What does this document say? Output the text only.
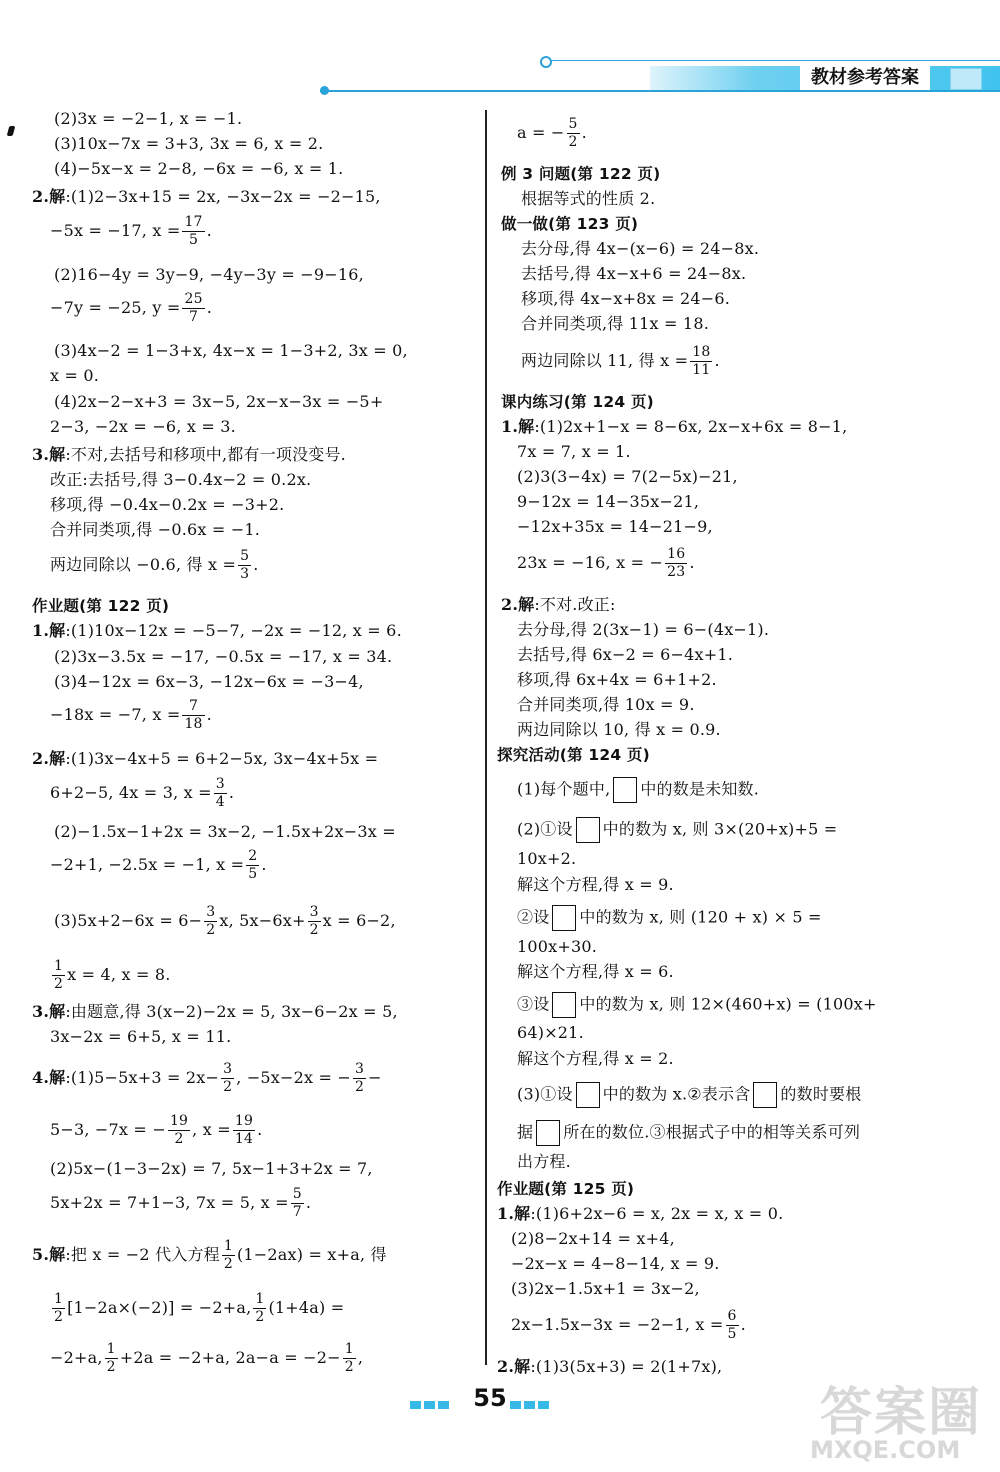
教材参考答案
(2)3x = −2−1, x = −1.
(3)10x−7x = 3+3, 3x = 6, x = 2.
(4)−5x−x = 2−8, −6x = −6, x = 1.
2.解:(1)2−3x+15 = 2x, −3x−2x = −2−15,
−5x = −17, $x = \frac{17}{5}$ .
(2)16−4y = 3y−9, −4y−3y = −9−16,
−7y = −25, $y = \frac{25}{7}$ .
(3)4x−2 = 1−3+x, 4x−x = 1−3+2, 3x = 0,
x = 0.
(4)2x−2−x+3 = 3x−5, 2x−x−3x = −5+
2−3, −2x = −6, x = 3.
3.解:不对,去括号和移项中,都有一项没变号.
改正:去括号,得 3−0.4x−2 = 0.2x.
移项,得 −0.4x−0.2x = −3+2.
合并同类项,得 −0.6x = −1.
两边同除以 −0.6, 得 $x = \frac{5}{3}$ .
作业题(第 122 页)
1.解:(1)10x−12x = −5−7, −2x = −12, x = 6.
(2)3x−3.5x = −17, −0.5x = −17, x = 34.
(3)4−12x = 6x−3, −12x−6x = −3−4,
−18x = −7, $x = \frac{7}{18}$ .
2.解:(1)3x−4x+5 = 6+2−5x, 3x−4x+5x =
6+2−5, 4x = 3, $x = \frac{3}{4}$ .
(2)−1.5x−1+2x = 3x−2, −1.5x+2x−3x =
−2+1, −2.5x = −1, $x = \frac{2}{5}$ .
$(3)5x+2-6x = 6- \frac{3}{2} x$, $5x-6x+ \frac{3}{2}$ x = 6−2,
$\frac{1}{2}$ x = 4, x = 8.
3.解:由题意,得 3(x−2)−2x = 5, 3x−6−2x = 5,
3x−2x = 6+5, x = 11.
4.解:(1)5−5x+3 = $2x- \frac{3}{2}$ , −5x−2x = − $\frac{3}{2}$ −
5−3, −7x = − $\frac{19}{2}$ , $x = \frac{19}{14}$ .
(2)5x−(1−3−2x) = 7, 5x−1+3+2x = 7,
5x+2x = 7+1−3, 7x = 5, $x = \frac{5}{7}$ .
5.解:把 x = −2 代入方程 $\frac{1}{2} (1-2ax) = x+a$, 得
$\frac{1}{2} [1-2a\times(-2)] = -2+a$, $\frac{1}{2} (1+4a)$ =
−2+a, $\frac{1}{2} +2a = -2+a$, $2a-a = -2- \frac{1}{2}$ ,
a = − $\frac{5}{2}$ .
例 3 问题(第 122 页)
根据等式的性质 2.
做一做(第 123 页)
去分母,得 4x−(x−6) = 24−8x.
去括号,得 4x−x+6 = 24−8x.
移项,得 4x−x+8x = 24−6.
合并同类项,得 11x = 18.
两边同除以 11, 得 $x = \frac{18}{11}$ .
课内练习(第 124 页)
1.解:(1)2x+1−x = 8−6x, 2x−x+6x = 8−1,
7x = 7, x = 1.
(2)3(3−4x) = 7(2−5x)−21,
9−12x = 14−35x−21,
−12x+35x = 14−21−9,
23x = −16, x = − $\frac{16}{23}$ .
2.解:不对.改正:
去分母,得 2(3x−1) = 6−(4x−1).
去括号,得 6x−2 = 6−4x+1.
移项,得 6x+4x = 6+1+2.
合并同类项,得 10x = 9.
两边同除以 10, 得 x = 0.9.
探究活动(第 124 页)
(1)每个题中, 中的数是未知数.
(2)①设 中的数为 x, 则 3×(20+x)+5 =
10x+2.
解这个方程,得 x = 9.
②设 中的数为 x, 则 (120 + x) × 5 =
100x+30.
解这个方程,得 x = 6.
③设 中的数为 x, 则 12×(460+x) = (100x+
64)×21.
解这个方程,得 x = 2.
(3)①设 中的数为 x.②表示含 的数时要根
据 所在的数位.③根据式子中的相等关系可列
出方程.
作业题(第 125 页)
1.解:(1)6+2x−6 = x, 2x = x, x = 0.
(2)8−2x+14 = x+4,
−2x−x = 4−8−14, x = 9.
(3)2x−1.5x+1 = 3x−2,
2x−1.5x−3x = −2−1, $x = \frac{6}{5}$ .
2.解:(1)3(5x+3) = 2(1+7x),
55	答案圈
MXQE.COM
